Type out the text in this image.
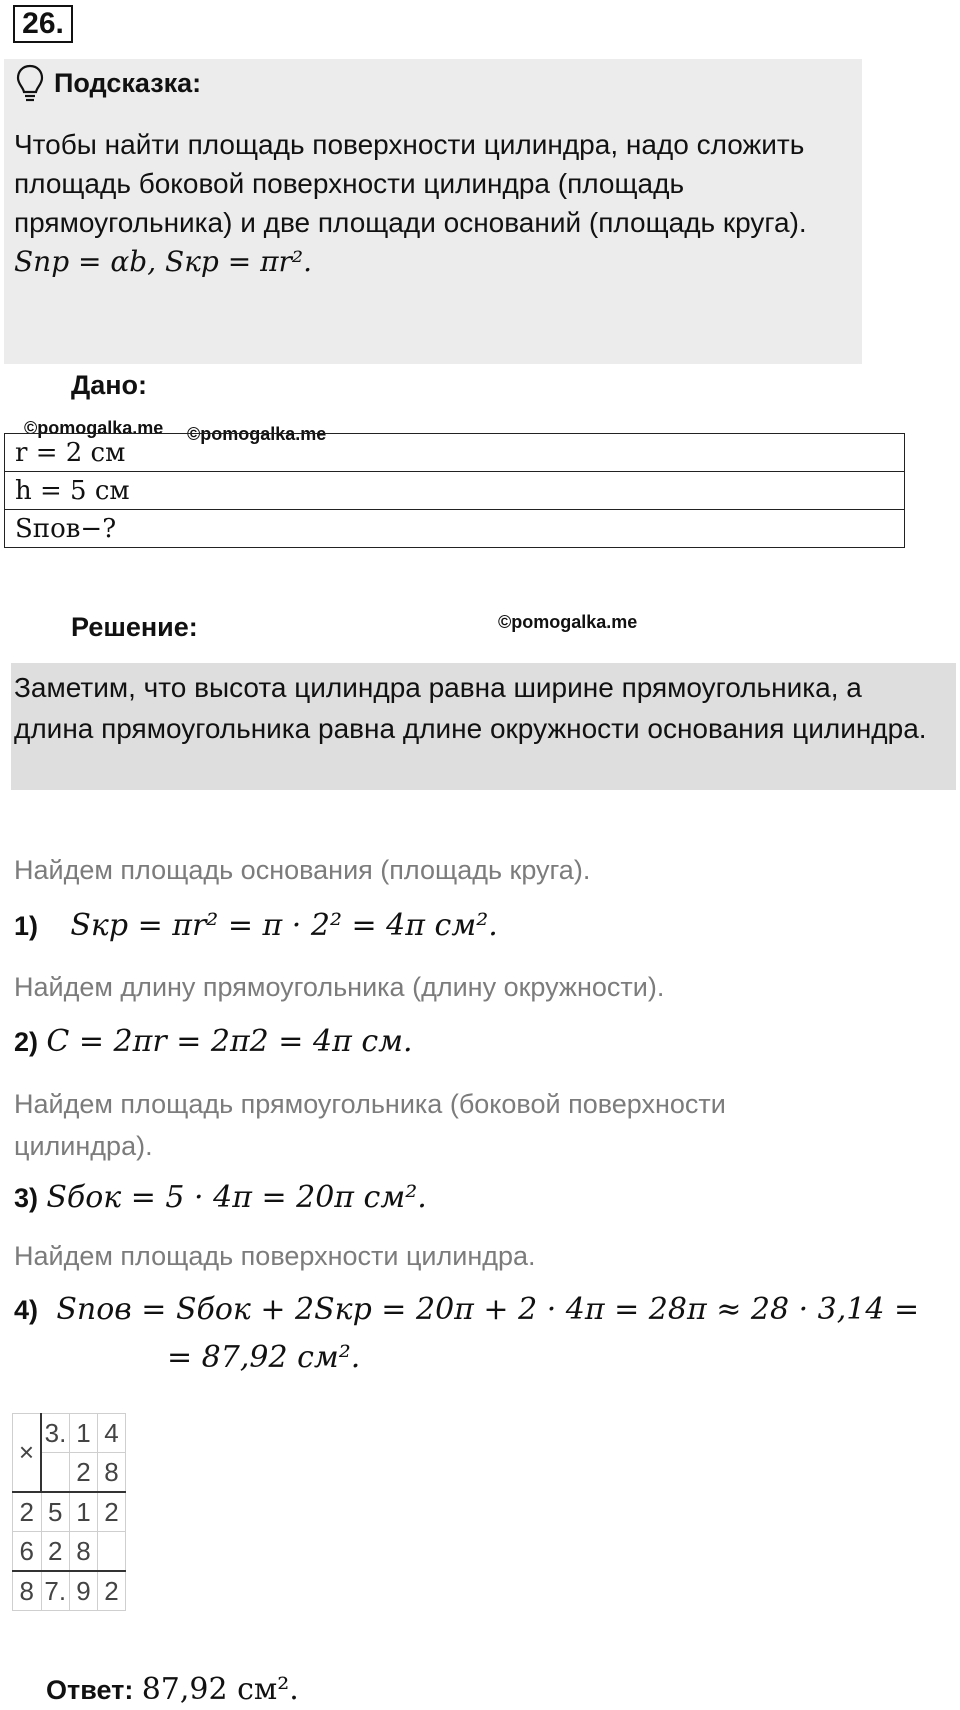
26.
Подсказка:
Чтобы найти площадь поверхности цилиндра, надо сложить площадь боковой поверхности цилиндра (площадь прямоугольника) и две площади оснований (площадь круга).
Sпр = αb, Sкр = πr².
Дано:
©pomogalka.me ©pomogalka.me
r = 2 см
h = 5 см
Sпов−?
Решение:	©pomogalka.me
Заметим, что высота цилиндра равна ширине прямоугольника, а длина прямоугольника равна длине окружности основания цилиндра.
Найдем площадь основания (площадь круга).
1) Sкр = πr² = π · 2² = 4π см².
Найдем длину прямоугольника (длину окружности).
2) C = 2πr = 2π2 = 4π см.
Найдем площадь прямоугольника (боковой поверхности цилиндра).
3) Sбок = 5 · 4π = 20π см².
Найдем площадь поверхности цилиндра.
4) Sпов = Sбок + 2Sкр = 20π + 2 · 4π = 28π ≈ 28 · 3,14 =
= 87,92 см².
×	3.	1	4
		2	8
2	5	1	2
6	2	8	
8	7.	9	2
Ответ: 87,92 см².
